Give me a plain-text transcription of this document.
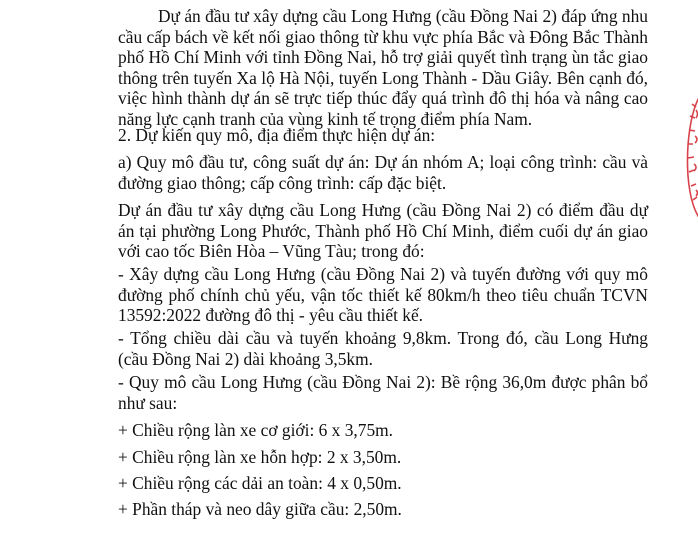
Dự án đầu tư xây dựng cầu Long Hưng (cầu Đồng Nai 2) đáp ứng nhu cầu cấp bách về kết nối giao thông từ khu vực phía Bắc và Đông Bắc Thành phố Hồ Chí Minh với tỉnh Đồng Nai, hỗ trợ giải quyết tình trạng ùn tắc giao thông trên tuyến Xa lộ Hà Nội, tuyến Long Thành - Dầu Giây. Bên cạnh đó, việc hình thành dự án sẽ trực tiếp thúc đẩy quá trình đô thị hóa và nâng cao năng lực cạnh tranh của vùng kinh tế trọng điểm phía Nam.

2. Dự kiến quy mô, địa điểm thực hiện dự án:

a) Quy mô đầu tư, công suất dự án: Dự án nhóm A; loại công trình: cầu và đường giao thông; cấp công trình: cấp đặc biệt.

Dự án đầu tư xây dựng cầu Long Hưng (cầu Đồng Nai 2) có điểm đầu dự án tại phường Long Phước, Thành phố Hồ Chí Minh, điểm cuối dự án giao với cao tốc Biên Hòa – Vũng Tàu; trong đó:

- Xây dựng cầu Long Hưng (cầu Đồng Nai 2) và tuyến đường với quy mô đường phố chính chủ yếu, vận tốc thiết kế 80km/h theo tiêu chuẩn TCVN 13592:2022 đường đô thị - yêu cầu thiết kế.

- Tổng chiều dài cầu và tuyến khoảng 9,8km. Trong đó, cầu Long Hưng (cầu Đồng Nai 2) dài khoảng 3,5km.

- Quy mô cầu Long Hưng (cầu Đồng Nai 2): Bề rộng 36,0m được phân bổ như sau:

+ Chiều rộng làn xe cơ giới: 6 x 3,75m.

+ Chiều rộng làn xe hỗn hợp: 2 x 3,50m.

+ Chiều rộng các dải an toàn: 4 x 0,50m.

+ Phần tháp và neo dây giữa cầu: 2,50m.
